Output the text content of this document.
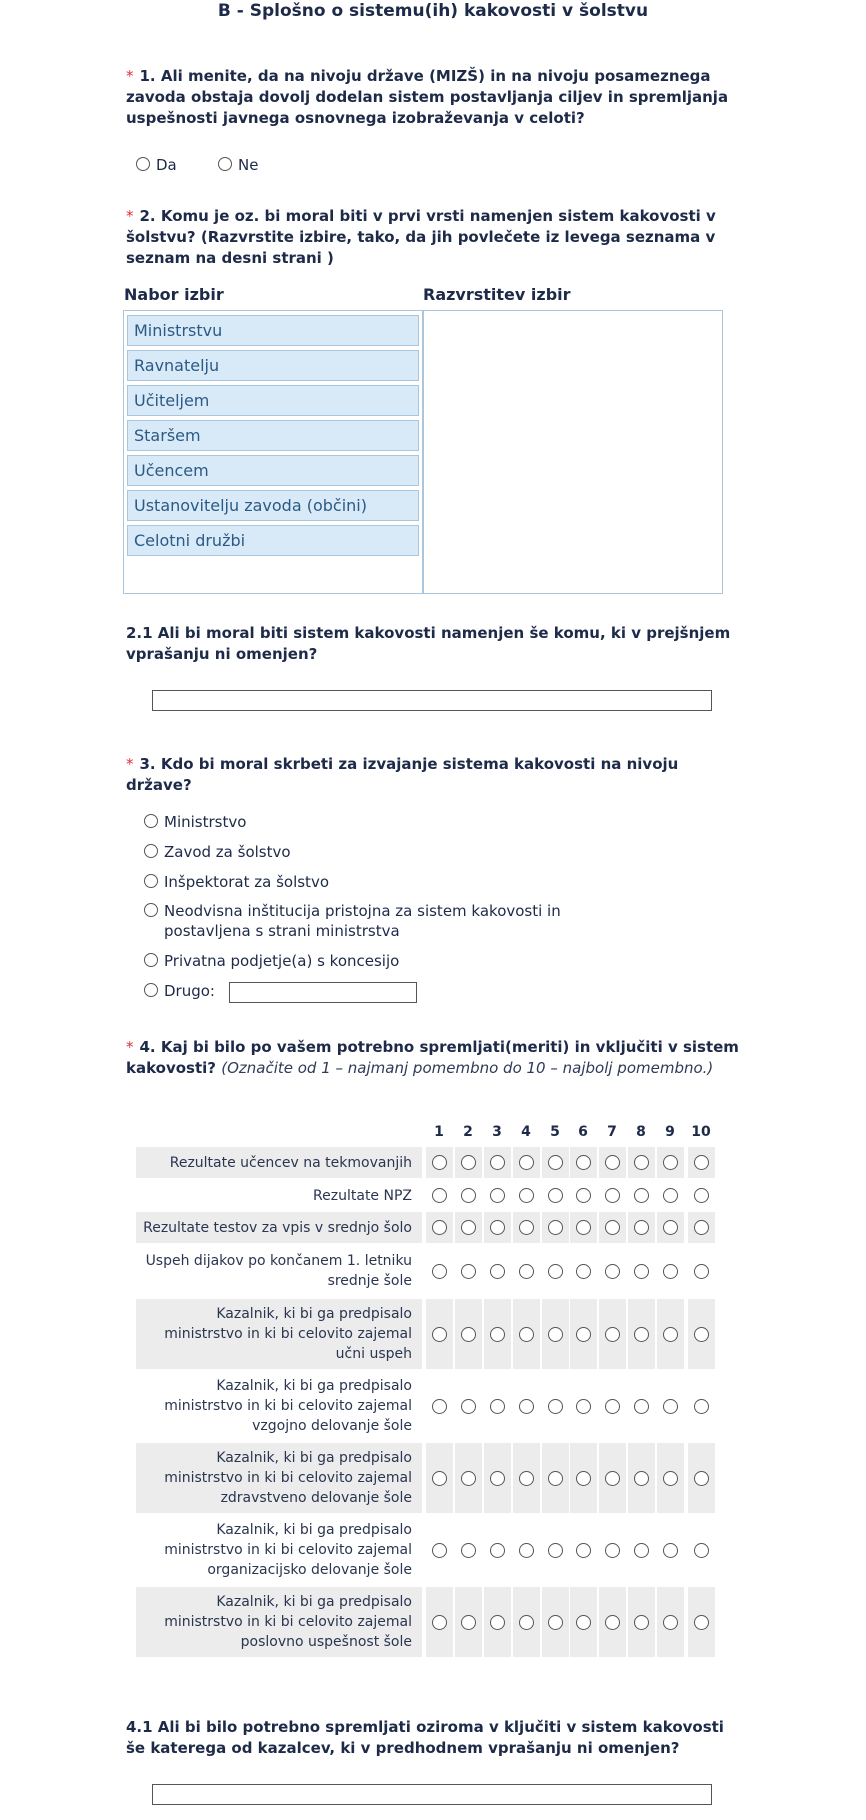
B - Splošno o sistemu(ih) kakovosti v šolstvu
* 1. Ali menite, da na nivoju države (MIZŠ) in na nivoju posameznega zavoda obstaja dovolj dodelan sistem postavljanja ciljev in spremljanja uspešnosti javnega osnovnega izobraževanja v celoti?
Da	Ne
* 2. Komu je oz. bi moral biti v prvi vrsti namenjen sistem kakovosti v šolstvu? (Razvrstite izbire, tako, da jih povlečete iz levega seznama v seznam na desni strani )
Nabor izbir	Razvrstitev izbir
Ministrstvu
Ravnatelju
Učiteljem
Staršem
Učencem
Ustanovitelju zavoda (občini)
Celotni družbi
2.1 Ali bi moral biti sistem kakovosti namenjen še komu, ki v prejšnjem vprašanju ni omenjen?
* 3. Kdo bi moral skrbeti za izvajanje sistema kakovosti na nivoju države?
Ministrstvo
Zavod za šolstvo
Inšpektorat za šolstvo
Neodvisna inštitucija pristojna za sistem kakovosti in postavljena s strani ministrstva
Privatna podjetje(a) s koncesijo
Drugo:
* 4. Kaj bi bilo po vašem potrebno spremljati(meriti) in vključiti v sistem kakovosti? (Označite od 1 – najmanj pomembno do 10 – najbolj pomembno.)
1	2	3	4	5	6	7	8	9	10
Rezultate učencev na tekmovanjih
Rezultate NPZ
Rezultate testov za vpis v srednjo šolo
Uspeh dijakov po končanem 1. letniku srednje šole
Kazalnik, ki bi ga predpisalo ministrstvo in ki bi celovito zajemal učni uspeh
Kazalnik, ki bi ga predpisalo ministrstvo in ki bi celovito zajemal vzgojno delovanje šole
Kazalnik, ki bi ga predpisalo ministrstvo in ki bi celovito zajemal zdravstveno delovanje šole
Kazalnik, ki bi ga predpisalo ministrstvo in ki bi celovito zajemal organizacijsko delovanje šole
Kazalnik, ki bi ga predpisalo ministrstvo in ki bi celovito zajemal poslovno uspešnost šole
4.1 Ali bi bilo potrebno spremljati oziroma v ključiti v sistem kakovosti še katerega od kazalcev, ki v predhodnem vprašanju ni omenjen?
